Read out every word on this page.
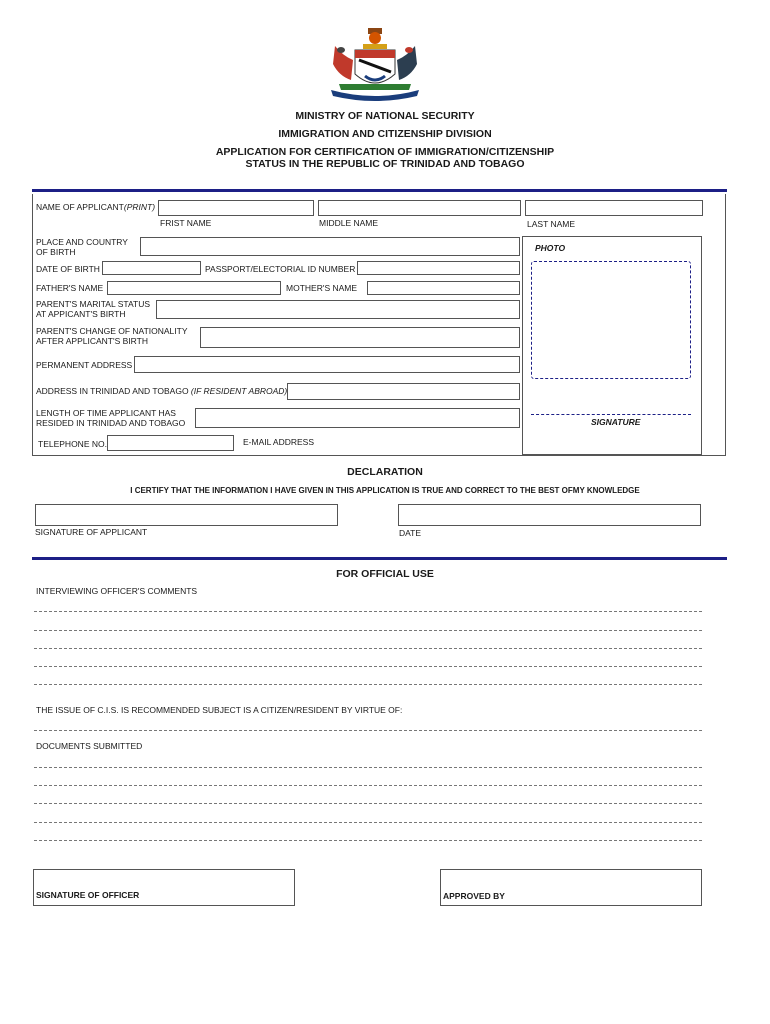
MINISTRY OF NATIONAL SECURITY
IMMIGRATION AND CITIZENSHIP DIVISION
APPLICATION FOR CERTIFICATION OF IMMIGRATION/CITIZENSHIP
STATUS IN THE REPUBLIC OF TRINIDAD AND TOBAGO
NAME OF APPLICANT(PRINT)
FRIST NAME	MIDDLE NAME	LAST NAME
PLACE AND COUNTRY
OF BIRTH
DATE OF BIRTH	PASSPORT/ELECTORIAL ID NUMBER
FATHER'S NAME	MOTHER'S NAME
PARENT'S MARITAL STATUS
AT APPICANT'S BIRTH
PARENT'S CHANGE OF NATIONALITY
AFTER APPLICANT'S BIRTH
PERMANENT ADDRESS
ADDRESS IN TRINIDAD AND TOBAGO (IF RESIDENT ABROAD)
LENGTH OF TIME APPLICANT HAS
RESIDED IN TRINIDAD AND TOBAGO
TELEPHONE NO.	E-MAIL ADDRESS
PHOTO
SIGNATURE
DECLARATION
I CERTIFY THAT THE INFORMATION I HAVE GIVEN IN THIS APPLICATION IS TRUE AND CORRECT TO THE BEST OFMY KNOWLEDGE
SIGNATURE OF APPLICANT	DATE
FOR OFFICIAL USE
INTERVIEWING OFFICER'S COMMENTS
THE ISSUE OF C.I.S. IS RECOMMENDED SUBJECT IS A CITIZEN/RESIDENT BY VIRTUE OF:
DOCUMENTS SUBMITTED
SIGNATURE OF OFFICER	APPROVED BY
